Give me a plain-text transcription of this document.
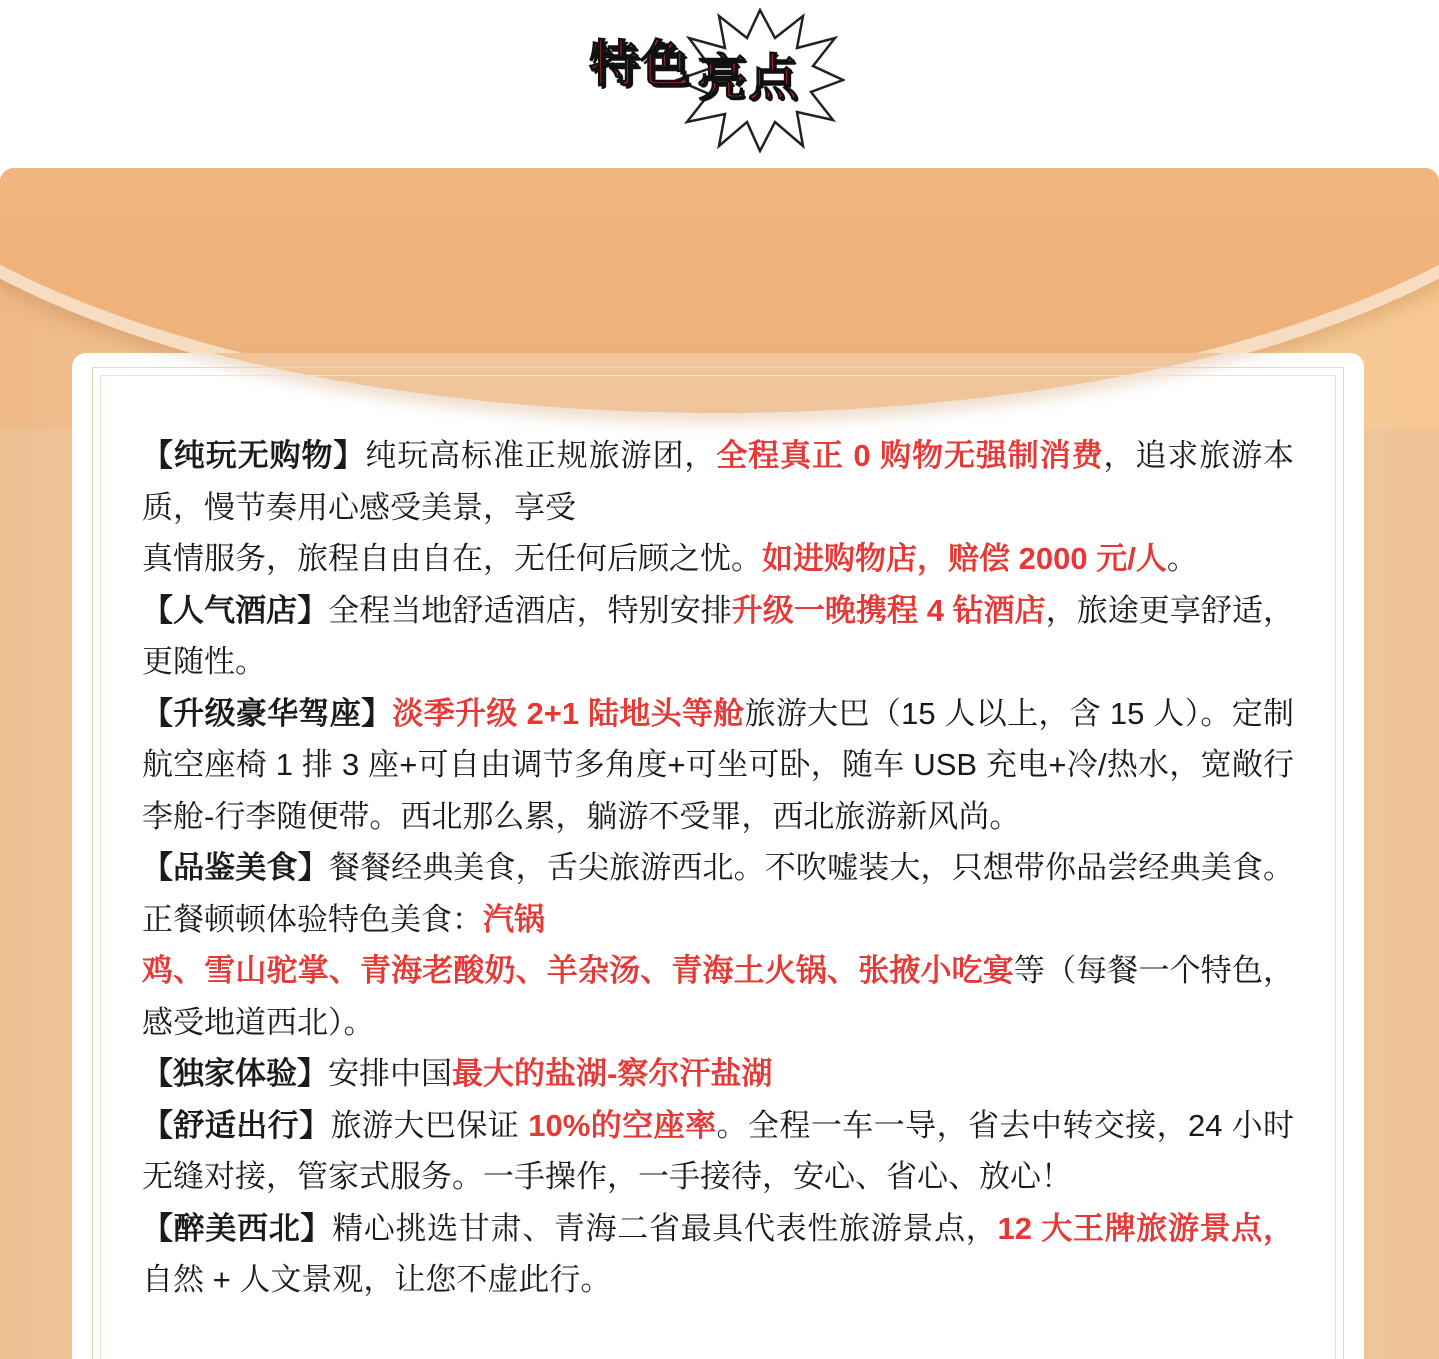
特色 亮点

【纯玩无购物】纯玩高标准正规旅游团，全程真正 0 购物无强制消费，追求旅游本质，慢节奏用心感受美景，享受

真情服务，旅程自由自在，无任何后顾之忧。如进购物店，赔偿 2000 元/人。

【人气酒店】全程当地舒适酒店，特别安排升级一晚携程 4 钻酒店，旅途更享舒适，更随性。

【升级豪华驾座】淡季升级 2+1 陆地头等舱旅游大巴（15 人以上，含 15 人）。定制航空座椅 1 排 3 座+可自由调节多角度+可坐可卧，随车 USB 充电+冷/热水，宽敞行李舱-行李随便带。西北那么累，躺游不受罪，西北旅游新风尚。

【品鉴美食】餐餐经典美食，舌尖旅游西北。不吹嘘装大，只想带你品尝经典美食。正餐顿顿体验特色美食：汽锅

鸡、雪山驼掌、青海老酸奶、羊杂汤、青海土火锅、张掖小吃宴等（每餐一个特色，感受地道西北）。

【独家体验】安排中国最大的盐湖-察尔汗盐湖

【舒适出行】旅游大巴保证 10%的空座率。全程一车一导，省去中转交接，24 小时无缝对接，管家式服务。一手操作，一手接待，安心、省心、放心！

【醉美西北】精心挑选甘肃、青海二省最具代表性旅游景点，12 大王牌旅游景点，自然 + 人文景观，让您不虚此行。
